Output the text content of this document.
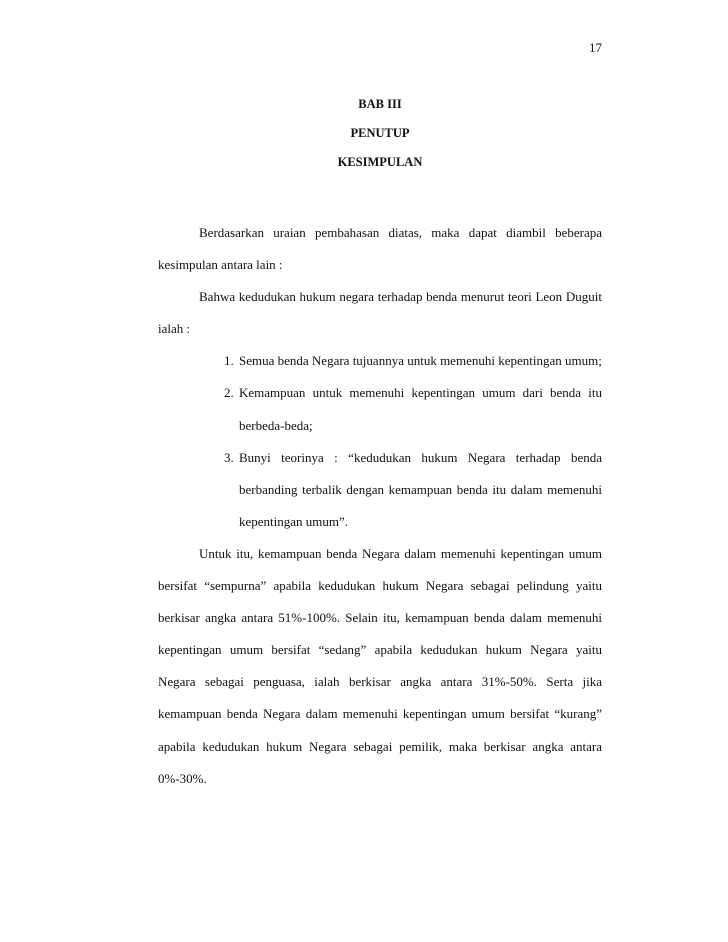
17
BAB III
PENUTUP
KESIMPULAN

Berdasarkan uraian pembahasan diatas, maka dapat diambil beberapa kesimpulan antara lain :

Bahwa kedudukan hukum negara terhadap benda menurut teori Leon Duguit ialah :

1. Semua benda Negara tujuannya untuk memenuhi kepentingan umum;
2. Kemampuan untuk memenuhi kepentingan umum dari benda itu berbeda-beda;
3. Bunyi teorinya : “kedudukan hukum Negara terhadap benda berbanding terbalik dengan kemampuan benda itu dalam memenuhi kepentingan umum”.

Untuk itu, kemampuan benda Negara dalam memenuhi kepentingan umum bersifat “sempurna” apabila kedudukan hukum Negara sebagai pelindung yaitu berkisar angka antara 51%-100%. Selain itu, kemampuan benda dalam memenuhi kepentingan umum bersifat “sedang” apabila kedudukan hukum Negara yaitu Negara sebagai penguasa, ialah berkisar angka antara 31%-50%. Serta jika kemampuan benda Negara dalam memenuhi kepentingan umum bersifat “kurang” apabila kedudukan hukum Negara sebagai pemilik, maka berkisar angka antara 0%-30%.
